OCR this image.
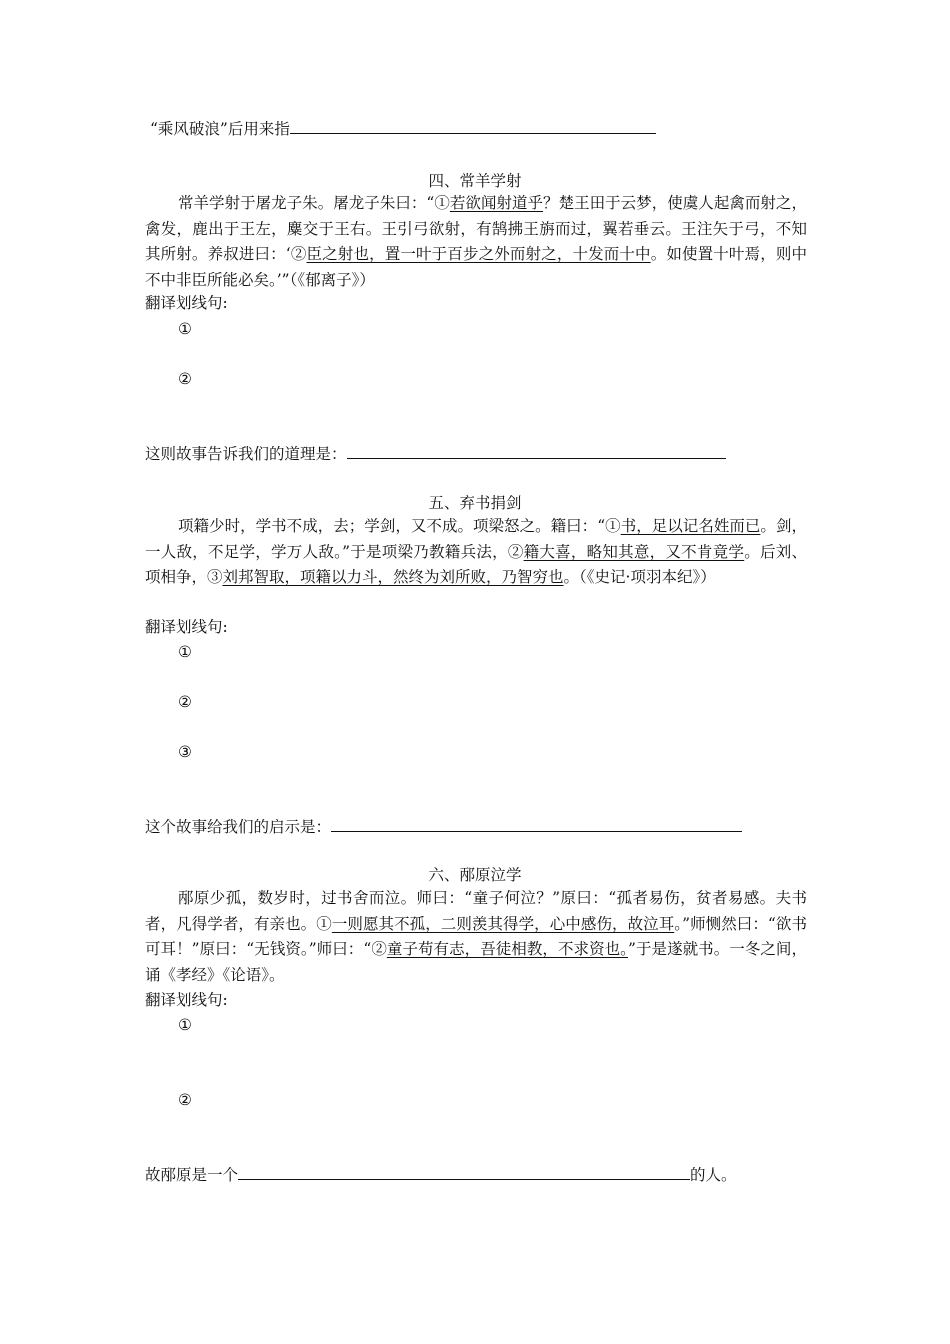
“乘风破浪”后用来指
四、常羊学射
常羊学射于屠龙子朱。屠龙子朱曰：“①若欲闻射道乎？楚王田于云梦，使虞人起禽而射之，禽发，鹿出于王左，麋交于王右。王引弓欲射，有鹄拂王旃而过，翼若垂云。王注矢于弓，不知其所射。养叔进曰：‘②臣之射也，置一叶于百步之外而射之，十发而十中。如使置十叶焉，则中不中非臣所能必矣。’”（《郁离子》）
翻译划线句:
①
②
这则故事告诉我们的道理是：
五、弃书捐剑
项籍少时，学书不成，去；学剑，又不成。项梁怒之。籍曰：“①书，足以记名姓而已。剑，一人敌，不足学，学万人敌。”于是项梁乃教籍兵法，②籍大喜，略知其意，又不肯竟学。后刘、项相争，③刘邦智取，项籍以力斗，然终为刘所败，乃智穷也。（《史记·项羽本纪》）
翻译划线句:
①
②
③
这个故事给我们的启示是：
六、邴原泣学
邴原少孤，数岁时，过书舍而泣。师曰：“童子何泣？”原曰：“孤者易伤，贫者易感。夫书者，凡得学者，有亲也。①一则愿其不孤，二则羡其得学，心中感伤，故泣耳。”师恻然曰：“欲书可耳！”原曰：“无钱资。”师曰：“②童子苟有志，吾徒相教，不求资也。”于是遂就书。一冬之间，诵《孝经》《论语》。
翻译划线句:
①
②
故邴原是一个	的人。
